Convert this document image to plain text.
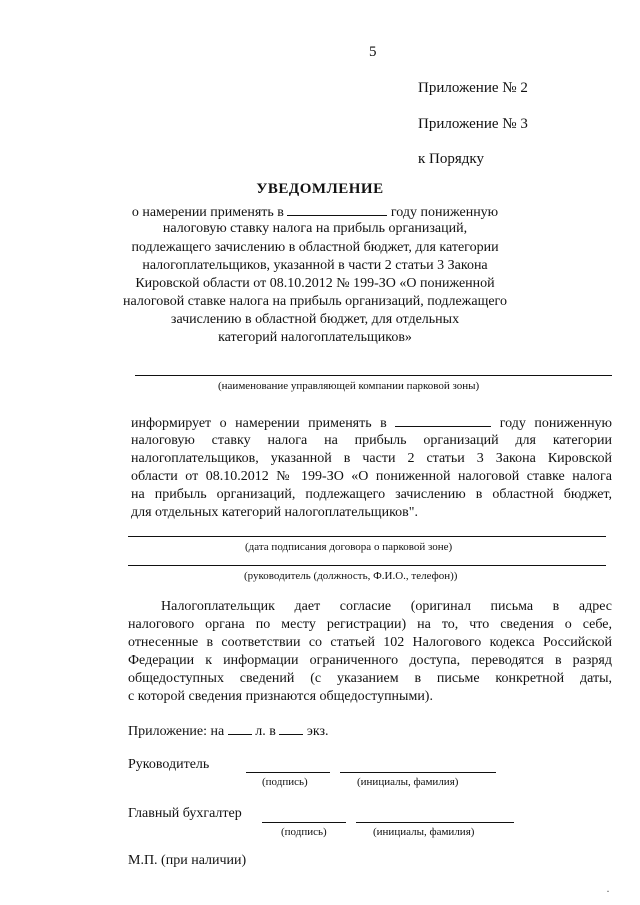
5
Приложение № 2
Приложение № 3
к Порядку
УВЕДОМЛЕНИЕ
о намерении применять в	году пониженную
налоговую ставку налога на прибыль организаций,
подлежащего зачислению в областной бюджет, для категории
налогоплательщиков, указанной в части 2 статьи 3 Закона
Кировской области от 08.10.2012 № 199-ЗО «О пониженной
налоговой ставке налога на прибыль организаций, подлежащего
зачислению в областной бюджет, для отдельных
категорий налогоплательщиков»
(наименование управляющей компании парковой зоны)
информирует о намерении применять в	году пониженную
налоговую ставку налога на прибыль организаций для категории
налогоплательщиков, указанной в части 2 статьи 3 Закона Кировской
области от 08.10.2012 № 199-ЗО «О пониженной налоговой ставке налога
на прибыль организаций, подлежащего зачислению в областной бюджет,
для отдельных категорий налогоплательщиков".
(дата подписания договора о парковой зоне)
(руководитель (должность, Ф.И.О., телефон))
Налогоплательщик дает согласие (оригинал письма в адрес
налогового органа по месту регистрации) на то, что сведения о себе,
отнесенные в соответствии со статьей 102 Налогового кодекса Российской
Федерации к информации ограниченного доступа, переводятся в разряд
общедоступных сведений (с указанием в письме конкретной даты,
с которой сведения признаются общедоступными).
Приложение: на л. в экз.
Руководитель
(подпись)	(инициалы, фамилия)
Главный бухгалтер
(подпись)	(инициалы, фамилия)
М.П. (при наличии)
·
